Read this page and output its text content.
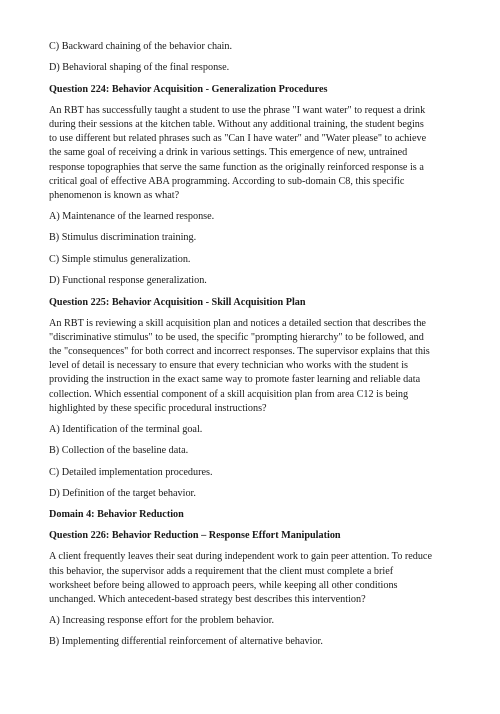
C) Backward chaining of the behavior chain.

D) Behavioral shaping of the final response.

Question 224: Behavior Acquisition - Generalization Procedures

An RBT has successfully taught a student to use the phrase "I want water" to request a drink

during their sessions at the kitchen table. Without any additional training, the student begins

to use different but related phrases such as "Can I have water" and "Water please" to achieve

the same goal of receiving a drink in various settings. This emergence of new, untrained

response topographies that serve the same function as the originally reinforced response is a

critical goal of effective ABA programming. According to sub-domain C8, this specific

phenomenon is known as what?

A) Maintenance of the learned response.

B) Stimulus discrimination training.

C) Simple stimulus generalization.

D) Functional response generalization.

Question 225: Behavior Acquisition - Skill Acquisition Plan

An RBT is reviewing a skill acquisition plan and notices a detailed section that describes the

"discriminative stimulus" to be used, the specific "prompting hierarchy" to be followed, and

the "consequences" for both correct and incorrect responses. The supervisor explains that this

level of detail is necessary to ensure that every technician who works with the student is

providing the instruction in the exact same way to promote faster learning and reliable data

collection. Which essential component of a skill acquisition plan from area C12 is being

highlighted by these specific procedural instructions?

A) Identification of the terminal goal.

B) Collection of the baseline data.

C) Detailed implementation procedures.

D) Definition of the target behavior.

Domain 4: Behavior Reduction

Question 226: Behavior Reduction – Response Effort Manipulation

A client frequently leaves their seat during independent work to gain peer attention. To reduce

this behavior, the supervisor adds a requirement that the client must complete a brief

worksheet before being allowed to approach peers, while keeping all other conditions

unchanged. Which antecedent-based strategy best describes this intervention?

A) Increasing response effort for the problem behavior.

B) Implementing differential reinforcement of alternative behavior.
